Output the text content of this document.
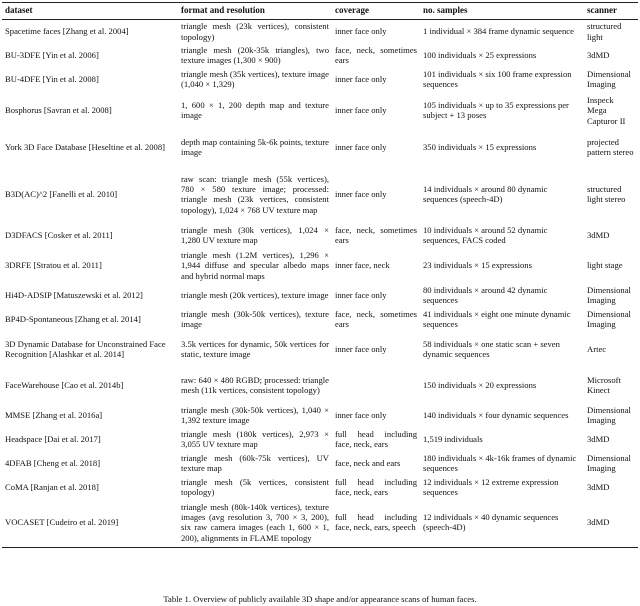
dataset	format and resolution	coverage	no. samples	scanner
Spacetime faces [Zhang et al. 2004]	triangle mesh (23k vertices), consistent topology)	inner face only	1 individual × 384 frame dynamic sequence	structured light
BU-3DFE [Yin et al. 2006]	triangle mesh (20k-35k triangles), two texture images (1,300 × 900)	face, neck, sometimes ears	100 individuals × 25 expressions	3dMD
BU-4DFE [Yin et al. 2008]	triangle mesh (35k vertices), texture image (1,040 × 1,329)	inner face only	101 individuals × six 100 frame expression sequences	Dimensional Imaging
Bosphorus [Savran et al. 2008]	1, 600 × 1, 200 depth map and texture image	inner face only	105 individuals × up to 35 expressions per subject + 13 poses	Inspeck Mega Capturor II
York 3D Face Database [Heseltine et al. 2008]	depth map containing 5k-6k points, texture image	inner face only	350 individuals × 15 expressions	projected pattern stereo
B3D(AC)^2 [Fanelli et al. 2010]	raw scan: triangle mesh (55k vertices), 780 × 580 texture image; processed: triangle mesh (23k vertices, consistent topology), 1,024 × 768 UV texture map	inner face only	14 individuals × around 80 dynamic sequences (speech-4D)	structured light stereo
D3DFACS [Cosker et al. 2011]	triangle mesh (30k vertices), 1,024 × 1,280 UV texture map	face, neck, sometimes ears	10 individuals × around 52 dynamic sequences, FACS coded	3dMD
3DRFE [Stratou et al. 2011]	triangle mesh (1.2M vertices), 1,296 × 1,944 diffuse and specular albedo maps and hybrid normal maps	inner face, neck	23 individuals × 15 expressions	light stage
Hi4D-ADSIP [Matuszewski et al. 2012]	triangle mesh (20k vertices), texture image	inner face only	80 individuals × around 42 dynamic sequences	Dimensional Imaging
BP4D-Spontaneous [Zhang et al. 2014]	triangle mesh (30k-50k vertices), texture image	face, neck, sometimes ears	41 individuals × eight one minute dynamic sequences	Dimensional Imaging
3D Dynamic Database for Unconstrained Face Recognition [Alashkar et al. 2014]	3.5k vertices for dynamic, 50k vertices for static, texture image	inner face only	58 individuals × one static scan + seven dynamic sequences	Artec
FaceWarehouse [Cao et al. 2014b]	raw: 640 × 480 RGBD; processed: triangle mesh (11k vertices, consistent topology)		150 individuals × 20 expressions	Microsoft Kinect
MMSE [Zhang et al. 2016a]	triangle mesh (30k-50k vertices), 1,040 × 1,392 texture image	inner face only	140 individuals × four dynamic sequences	Dimensional Imaging
Headspace [Dai et al. 2017]	triangle mesh (180k vertices), 2,973 × 3,055 UV texture map	full head including face, neck, ears	1,519 individuals	3dMD
4DFAB [Cheng et al. 2018]	triangle mesh (60k-75k vertices), UV texture map	face, neck and ears	180 individuals × 4k-16k frames of dynamic sequences	Dimensional Imaging
CoMA [Ranjan et al. 2018]	triangle mesh (5k vertices, consistent topology)	full head including face, neck, ears	12 individuals × 12 extreme expression sequences	3dMD
VOCASET [Cudeiro et al. 2019]	triangle mesh (80k-140k vertices), texture images (avg resolution 3, 700 × 3, 200), six raw camera images (each 1, 600 × 1, 200), alignments in FLAME topology	full head including face, neck, ears, speech	12 individuals × 40 dynamic sequences (speech-4D)	3dMD
Table 1. Overview of publicly available 3D shape and/or appearance scans of human faces.
